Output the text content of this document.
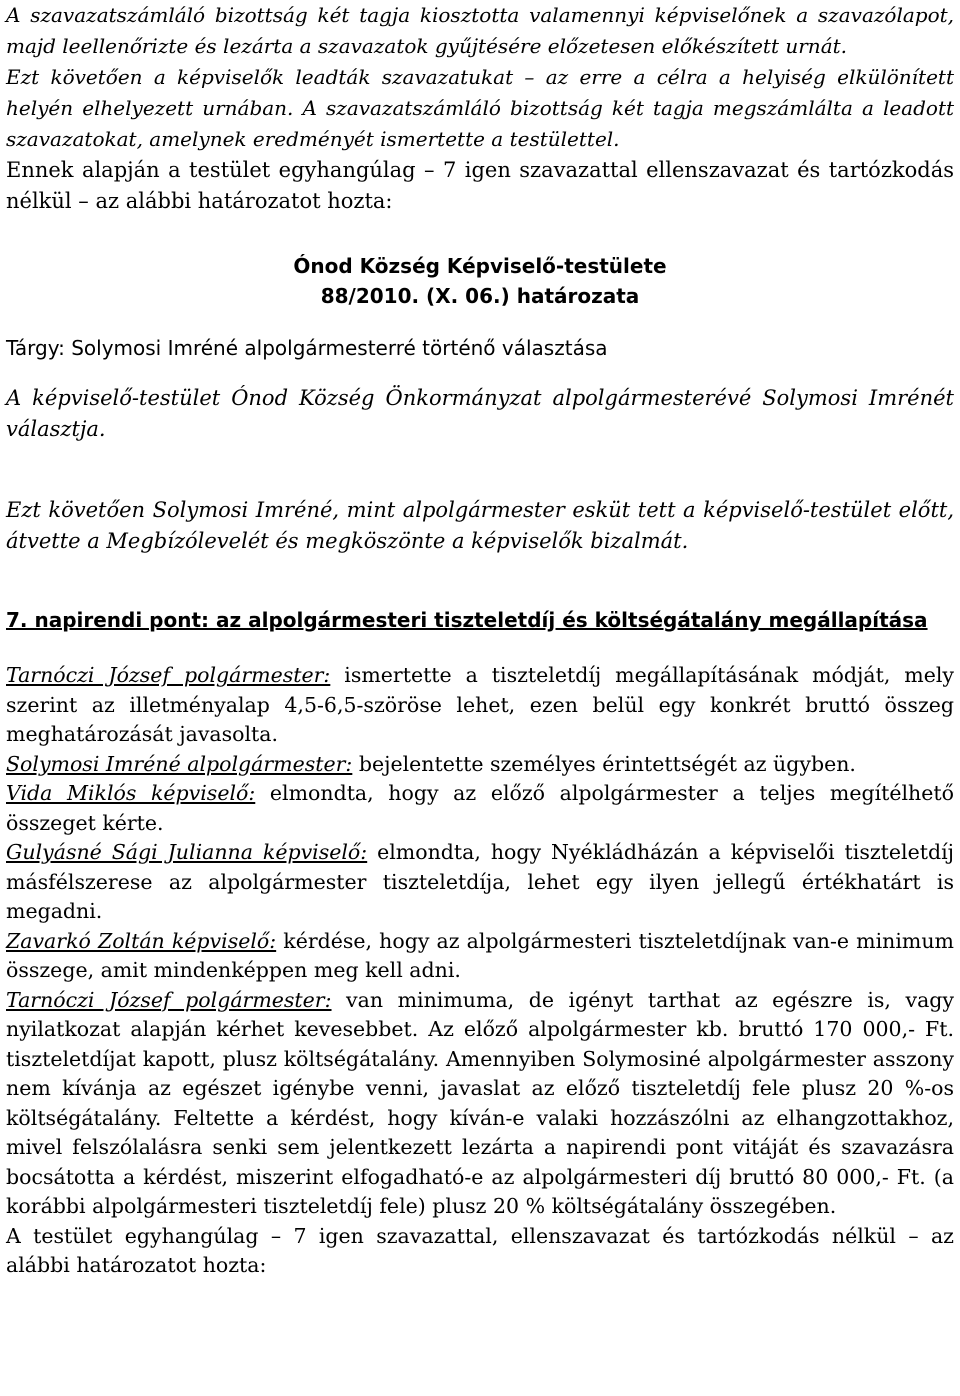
A szavazatszámláló bizottság két tagja kiosztotta valamennyi képviselőnek a szavazólapot, majd leellenőrizte és lezárta a szavazatok gyűjtésére előzetesen előkészített urnát.

Ezt követően a képviselők leadták szavazatukat – az erre a célra a helyiség elkülönített helyén elhelyezett urnában. A szavazatszámláló bizottság két tagja megszámlálta a leadott szavazatokat, amelynek eredményét ismertette a testülettel.

Ennek alapján a testület egyhangúlag – 7 igen szavazattal ellenszavazat és tartózkodás nélkül – az alábbi határozatot hozta:

Ónod Község Képviselő-testülete

88/2010. (X. 06.) határozata

Tárgy: Solymosi Imréné alpolgármesterré történő választása

A képviselő-testület Ónod Község Önkormányzat alpolgármesterévé Solymosi Imrénét választja.

Ezt követően Solymosi Imréné, mint alpolgármester esküt tett a képviselő-testület előtt, átvette a Megbízólevelét és megköszönte a képviselők bizalmát.

7. napirendi pont: az alpolgármesteri tiszteletdíj és költségátalány megállapítása

Tarnóczi József polgármester: ismertette a tiszteletdíj megállapításának módját, mely szerint az illetményalap 4,5-6,5-szöröse lehet, ezen belül egy konkrét bruttó összeg meghatározását javasolta.

Solymosi Imréné alpolgármester: bejelentette személyes érintettségét az ügyben.

Vida Miklós képviselő: elmondta, hogy az előző alpolgármester a teljes megítélhető összeget kérte.

Gulyásné Sági Julianna képviselő: elmondta, hogy Nyékládházán a képviselői tiszteletdíj másfélszerese az alpolgármester tiszteletdíja, lehet egy ilyen jellegű értékhatárt is megadni.

Zavarkó Zoltán képviselő: kérdése, hogy az alpolgármesteri tiszteletdíjnak van-e minimum összege, amit mindenképpen meg kell adni.

Tarnóczi József polgármester: van minimuma, de igényt tarthat az egészre is, vagy nyilatkozat alapján kérhet kevesebbet. Az előző alpolgármester kb. bruttó 170 000,- Ft. tiszteletdíjat kapott, plusz költségátalány. Amennyiben Solymosiné alpolgármester asszony nem kívánja az egészet igénybe venni, javaslat az előző tiszteletdíj fele plusz 20 %-os költségátalány. Feltette a kérdést, hogy kíván-e valaki hozzászólni az elhangzottakhoz, mivel felszólalásra senki sem jelentkezett lezárta a napirendi pont vitáját és szavazásra bocsátotta a kérdést, miszerint elfogadható-e az alpolgármesteri díj bruttó 80 000,- Ft. (a korábbi alpolgármesteri tiszteletdíj fele) plusz 20 % költségátalány összegében.

A testület egyhangúlag – 7 igen szavazattal, ellenszavazat és tartózkodás nélkül – az alábbi határozatot hozta:
